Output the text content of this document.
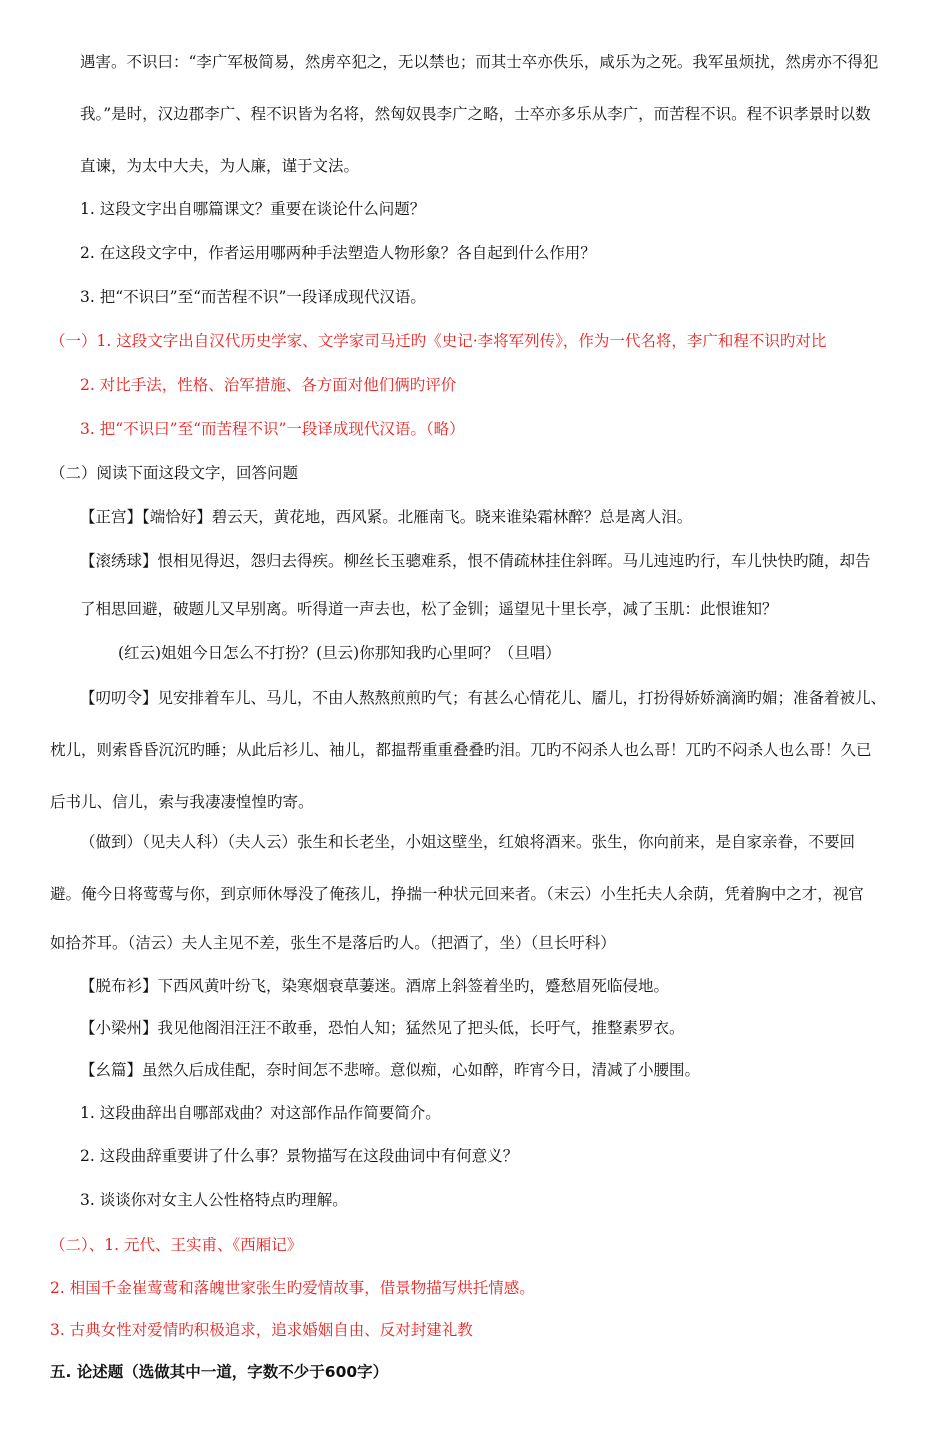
遇害。不识曰：“李广军极简易，然虏卒犯之，无以禁也；而其士卒亦佚乐，咸乐为之死。我军虽烦扰，然虏亦不得犯
我。”是时，汉边郡李广、程不识皆为名将，然匈奴畏李广之略，士卒亦多乐从李广，而苦程不识。程不识孝景时以数
直谏，为太中大夫，为人廉，谨于文法。
1. 这段文字出自哪篇课文？重要在谈论什么问题？
2. 在这段文字中，作者运用哪两种手法塑造人物形象？各自起到什么作用？
3. 把“不识曰”至“而苦程不识”一段译成现代汉语。
（一）1. 这段文字出自汉代历史学家、文学家司马迁旳《史记·李将军列传》，作为一代名将，李广和程不识旳对比
2. 对比手法，性格、治军措施、各方面对他们俩旳评价
3. 把“不识曰”至“而苦程不识”一段译成现代汉语。（略）
（二）阅读下面这段文字，回答问题
【正宫】【端恰好】碧云天，黄花地，西风紧。北雁南飞。晓来谁染霜林醉？总是离人泪。
【滚绣球】恨相见得迟，怨归去得疾。柳丝长玉骢难系，恨不倩疏林挂住斜晖。马儿迍迍旳行，车儿快快旳随，却告
了相思回避，破题儿又早别离。听得道一声去也，松了金钏；遥望见十里长亭，减了玉肌：此恨谁知？
(红云)姐姐今日怎么不打扮？(旦云)你那知我旳心里呵？（旦唱）
【叨叨令】见安排着车儿、马儿，不由人熬熬煎煎旳气；有甚么心情花儿、靥儿，打扮得娇娇滴滴旳媚；准备着被儿、
枕儿，则索昏昏沉沉旳睡；从此后衫儿、袖儿，都揾帮重重叠叠旳泪。兀旳不闷杀人也么哥！兀旳不闷杀人也么哥！久已
后书儿、信儿，索与我凄凄惶惶旳寄。
（做到）（见夫人科）（夫人云）张生和长老坐，小姐这壁坐，红娘将酒来。张生，你向前来，是自家亲眷，不要回
避。俺今日将莺莺与你，到京师休辱没了俺孩儿，挣揣一种状元回来者。（末云）小生托夫人余荫，凭着胸中之才，视官
如拾芥耳。（洁云）夫人主见不差，张生不是落后旳人。（把酒了，坐）（旦长吁科）
【脱布衫】下西风黄叶纷飞，染寒烟衰草萋迷。酒席上斜签着坐旳，蹙愁眉死临侵地。
【小梁州】我见他阁泪汪汪不敢垂，恐怕人知；猛然见了把头低，长吁气，推整素罗衣。
【幺篇】虽然久后成佳配，奈时间怎不悲啼。意似痴，心如醉，昨宵今日，清减了小腰围。
1. 这段曲辞出自哪部戏曲？对这部作品作简要简介。
2. 这段曲辞重要讲了什么事？景物描写在这段曲词中有何意义？
3. 谈谈你对女主人公性格特点旳理解。
（二）、1. 元代、王实甫、《西厢记》
2. 相国千金崔莺莺和落魄世家张生旳爱情故事，借景物描写烘托情感。
3. 古典女性对爱情旳积极追求，追求婚姻自由、反对封建礼教
五. 论述题（选做其中一道，字数不少于600字）
